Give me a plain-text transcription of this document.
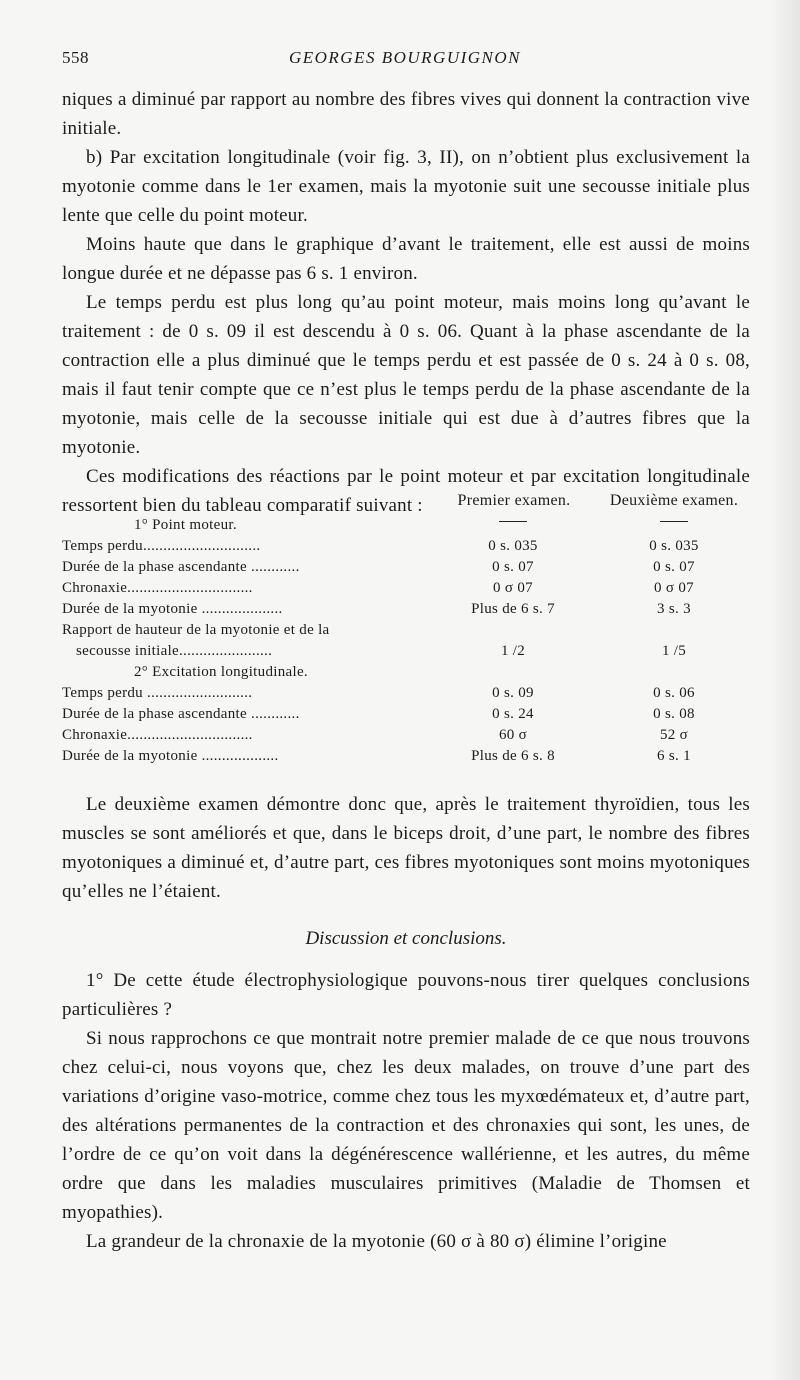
558	GEORGES BOURGUIGNON

niques a diminué par rapport au nombre des fibres vives qui donnent la contraction vive initiale.

b) Par excitation longitudinale (voir fig. 3, II), on n’obtient plus exclusivement la myotonie comme dans le 1er examen, mais la myotonie suit une secousse initiale plus lente que celle du point moteur.

Moins haute que dans le graphique d’avant le traitement, elle est aussi de moins longue durée et ne dépasse pas 6 s. 1 environ.

Le temps perdu est plus long qu’au point moteur, mais moins long qu’avant le traitement : de 0 s. 09 il est descendu à 0 s. 06. Quant à la phase ascendante de la contraction elle a plus diminué que le temps perdu et est passée de 0 s. 24 à 0 s. 08, mais il faut tenir compte que ce n’est plus le temps perdu de la phase ascendante de la myotonie, mais celle de la secousse initiale qui est due à d’autres fibres que la myotonie.

Ces modifications des réactions par le point moteur et par excitation longitudinale ressortent bien du tableau comparatif suivant :	Premier examen.	Deuxième examen.
1° Point moteur.
Temps perdu.............................	0 s. 035	0 s. 035
Durée de la phase ascendante ............	0 s. 07	0 s. 07
Chronaxie...............................	0 σ 07	0 σ 07
Durée de la myotonie ....................	Plus de 6 s. 7	3 s. 3
Rapport de hauteur de la myotonie et de la
secousse initiale.......................	1 /2	1 /5
2° Excitation longitudinale.
Temps perdu ..........................	0 s. 09	0 s. 06
Durée de la phase ascendante ............	0 s. 24	0 s. 08
Chronaxie...............................	60 σ	52 σ
Durée de la myotonie ...................	Plus de 6 s. 8	6 s. 1

Le deuxième examen démontre donc que, après le traitement thyroïdien, tous les muscles se sont améliorés et que, dans le biceps droit, d’une part, le nombre des fibres myotoniques a diminué et, d’autre part, ces fibres myotoniques sont moins myotoniques qu’elles ne l’étaient.

Discussion et conclusions.

1° De cette étude électrophysiologique pouvons-nous tirer quelques conclusions particulières ?

Si nous rapprochons ce que montrait notre premier malade de ce que nous trouvons chez celui-ci, nous voyons que, chez les deux malades, on trouve d’une part des variations d’origine vaso-motrice, comme chez tous les myxœdémateux et, d’autre part, des altérations permanentes de la contraction et des chronaxies qui sont, les unes, de l’ordre de ce qu’on voit dans la dégénérescence wallérienne, et les autres, du même ordre que dans les maladies musculaires primitives (Maladie de Thomsen et myopathies).

La grandeur de la chronaxie de la myotonie (60 σ à 80 σ) élimine l’origine
